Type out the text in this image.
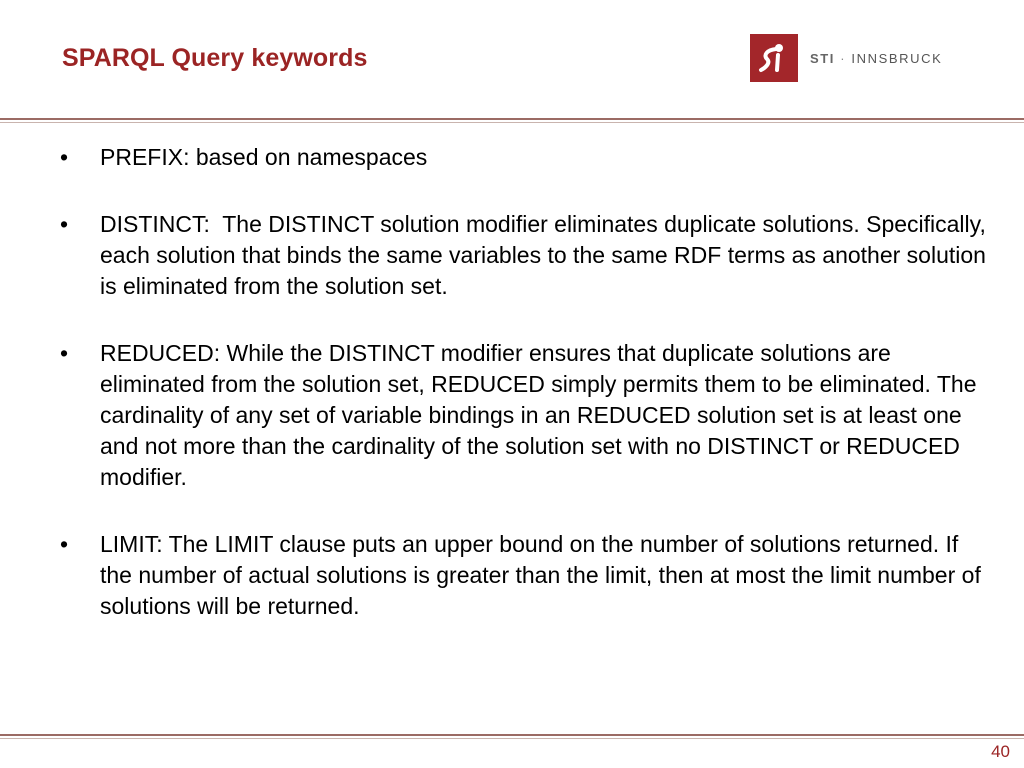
SPARQL Query keywords	STI · INNSBRUCK
•	PREFIX: based on namespaces
•	DISTINCT:  The DISTINCT solution modifier eliminates duplicate solutions. Specifically, each solution that binds the same variables to the same RDF terms as another solution is eliminated from the solution set.
•	REDUCED: While the DISTINCT modifier ensures that duplicate solutions are eliminated from the solution set, REDUCED simply permits them to be eliminated. The cardinality of any set of variable bindings in an REDUCED solution set is at least one and not more than the cardinality of the solution set with no DISTINCT or REDUCED modifier.
•	LIMIT: The LIMIT clause puts an upper bound on the number of solutions returned. If the number of actual solutions is greater than the limit, then at most the limit number of solutions will be returned.
40
